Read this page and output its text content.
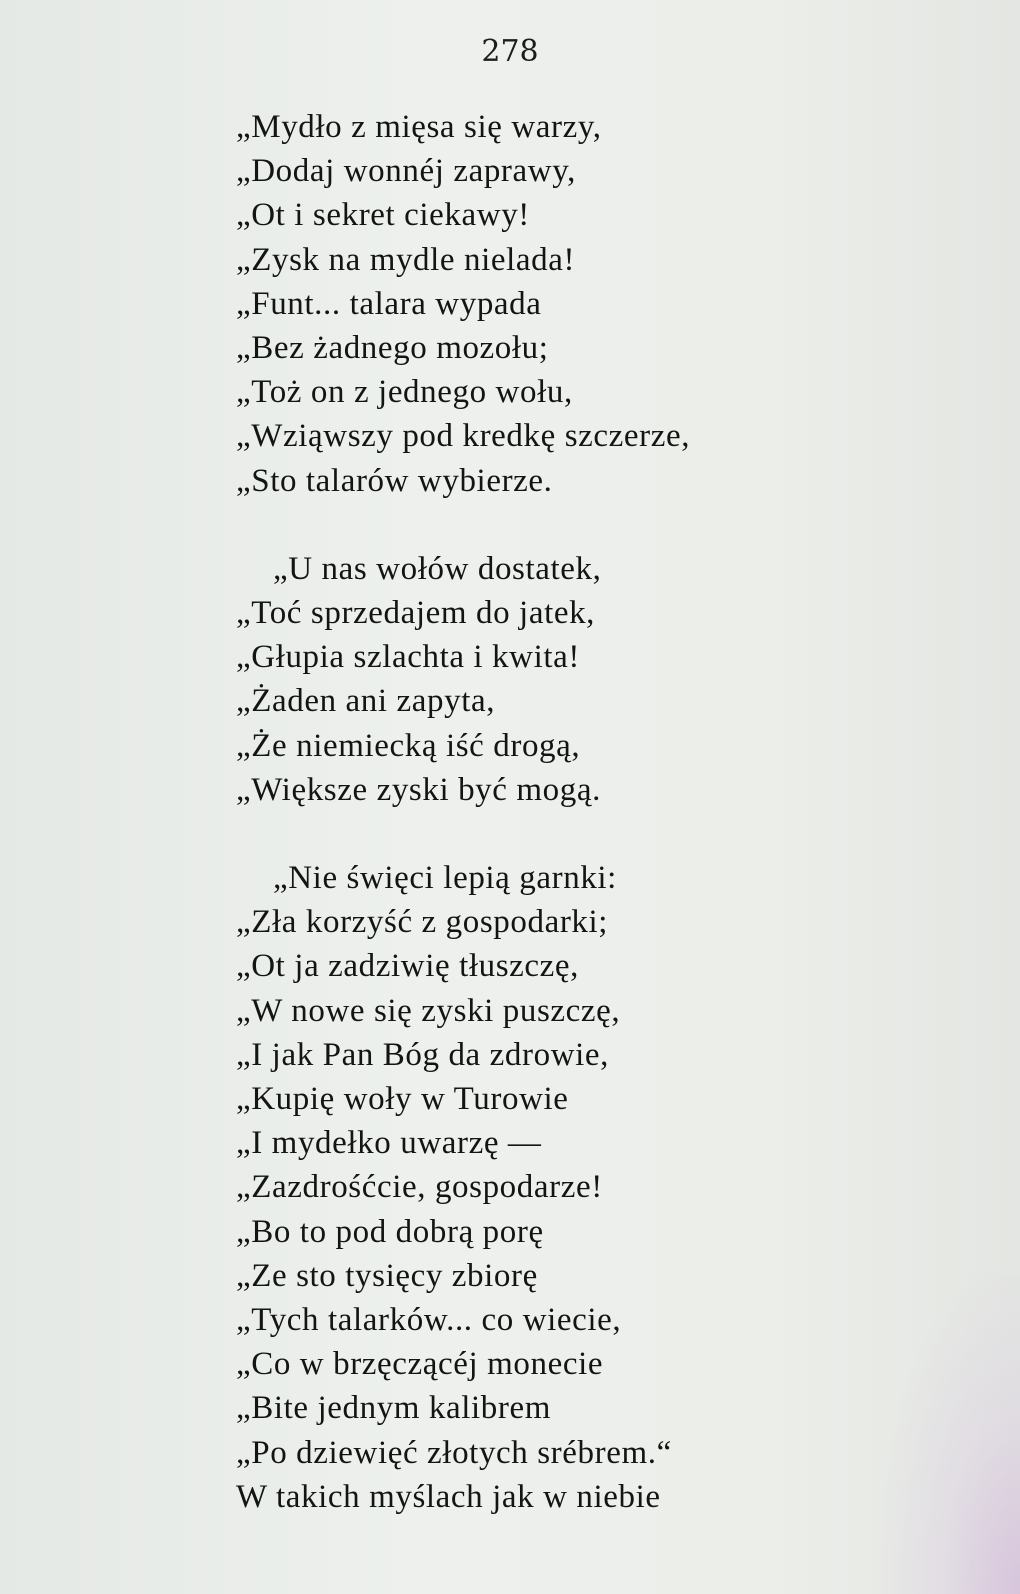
278
„Mydło z mięsa się warzy,
„Dodaj wonnéj zaprawy,
„Ot i sekret ciekawy!
„Zysk na mydle nielada!
„Funt... talara wypada
„Bez żadnego mozołu;
„Toż on z jednego wołu,
„Wziąwszy pod kredkę szczerze,
„Sto talarów wybierze.
„U nas wołów dostatek,
„Toć sprzedajem do jatek,
„Głupia szlachta i kwita!
„Żaden ani zapyta,
„Że niemiecką iść drogą,
„Większe zyski być mogą.
„Nie święci lepią garnki:
„Zła korzyść z gospodarki;
„Ot ja zadziwię tłuszczę,
„W nowe się zyski puszczę,
„I jak Pan Bóg da zdrowie,
„Kupię woły w Turowie
„I mydełko uwarzę —
„Zazdrośćcie, gospodarze!
„Bo to pod dobrą porę
„Ze sto tysięcy zbiorę
„Tych talarków... co wiecie,
„Co w brzęczącéj monecie
„Bite jednym kalibrem
„Po dziewięć złotych srébrem.“
W takich myślach jak w niebie
